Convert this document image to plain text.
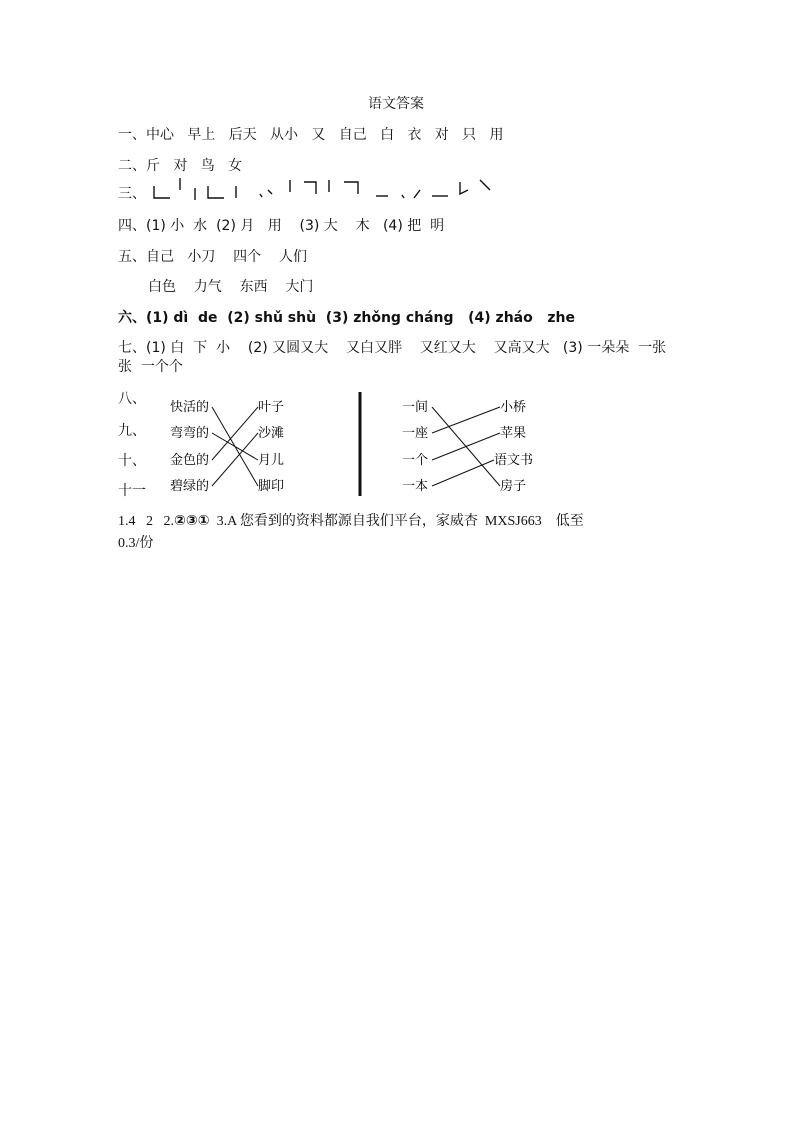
语文答案
一、中心   早上   后天   从小   又   自己   白   衣   对   只   用
二、斤   对   鸟   女
三、
四、(1) 小  水  (2) 月   用    (3) 大    木   (4) 把  明
五、自己   小刀    四个    人们
白色    力气    东西    大门
六、(1) dì  de  (2) shǔ shù  (3) zhǒng cháng   (4) zháo   zhe
七、(1) 白  下  小    (2) 又圆又大    又白又胖    又红又大    又高又大   (3) 一朵朵  一张
张  一个个
八、
九、
十、
十一
快活的
弯弯的
金色的
碧绿的
叶子
沙滩
月儿
脚印
一间
一座
一个
一本
小桥
苹果
语文书
房子
1.4   2   2.②③①  3.A 您看到的资料都源自我们平台，家威杏  MXSJ663    低至
0.3/份
